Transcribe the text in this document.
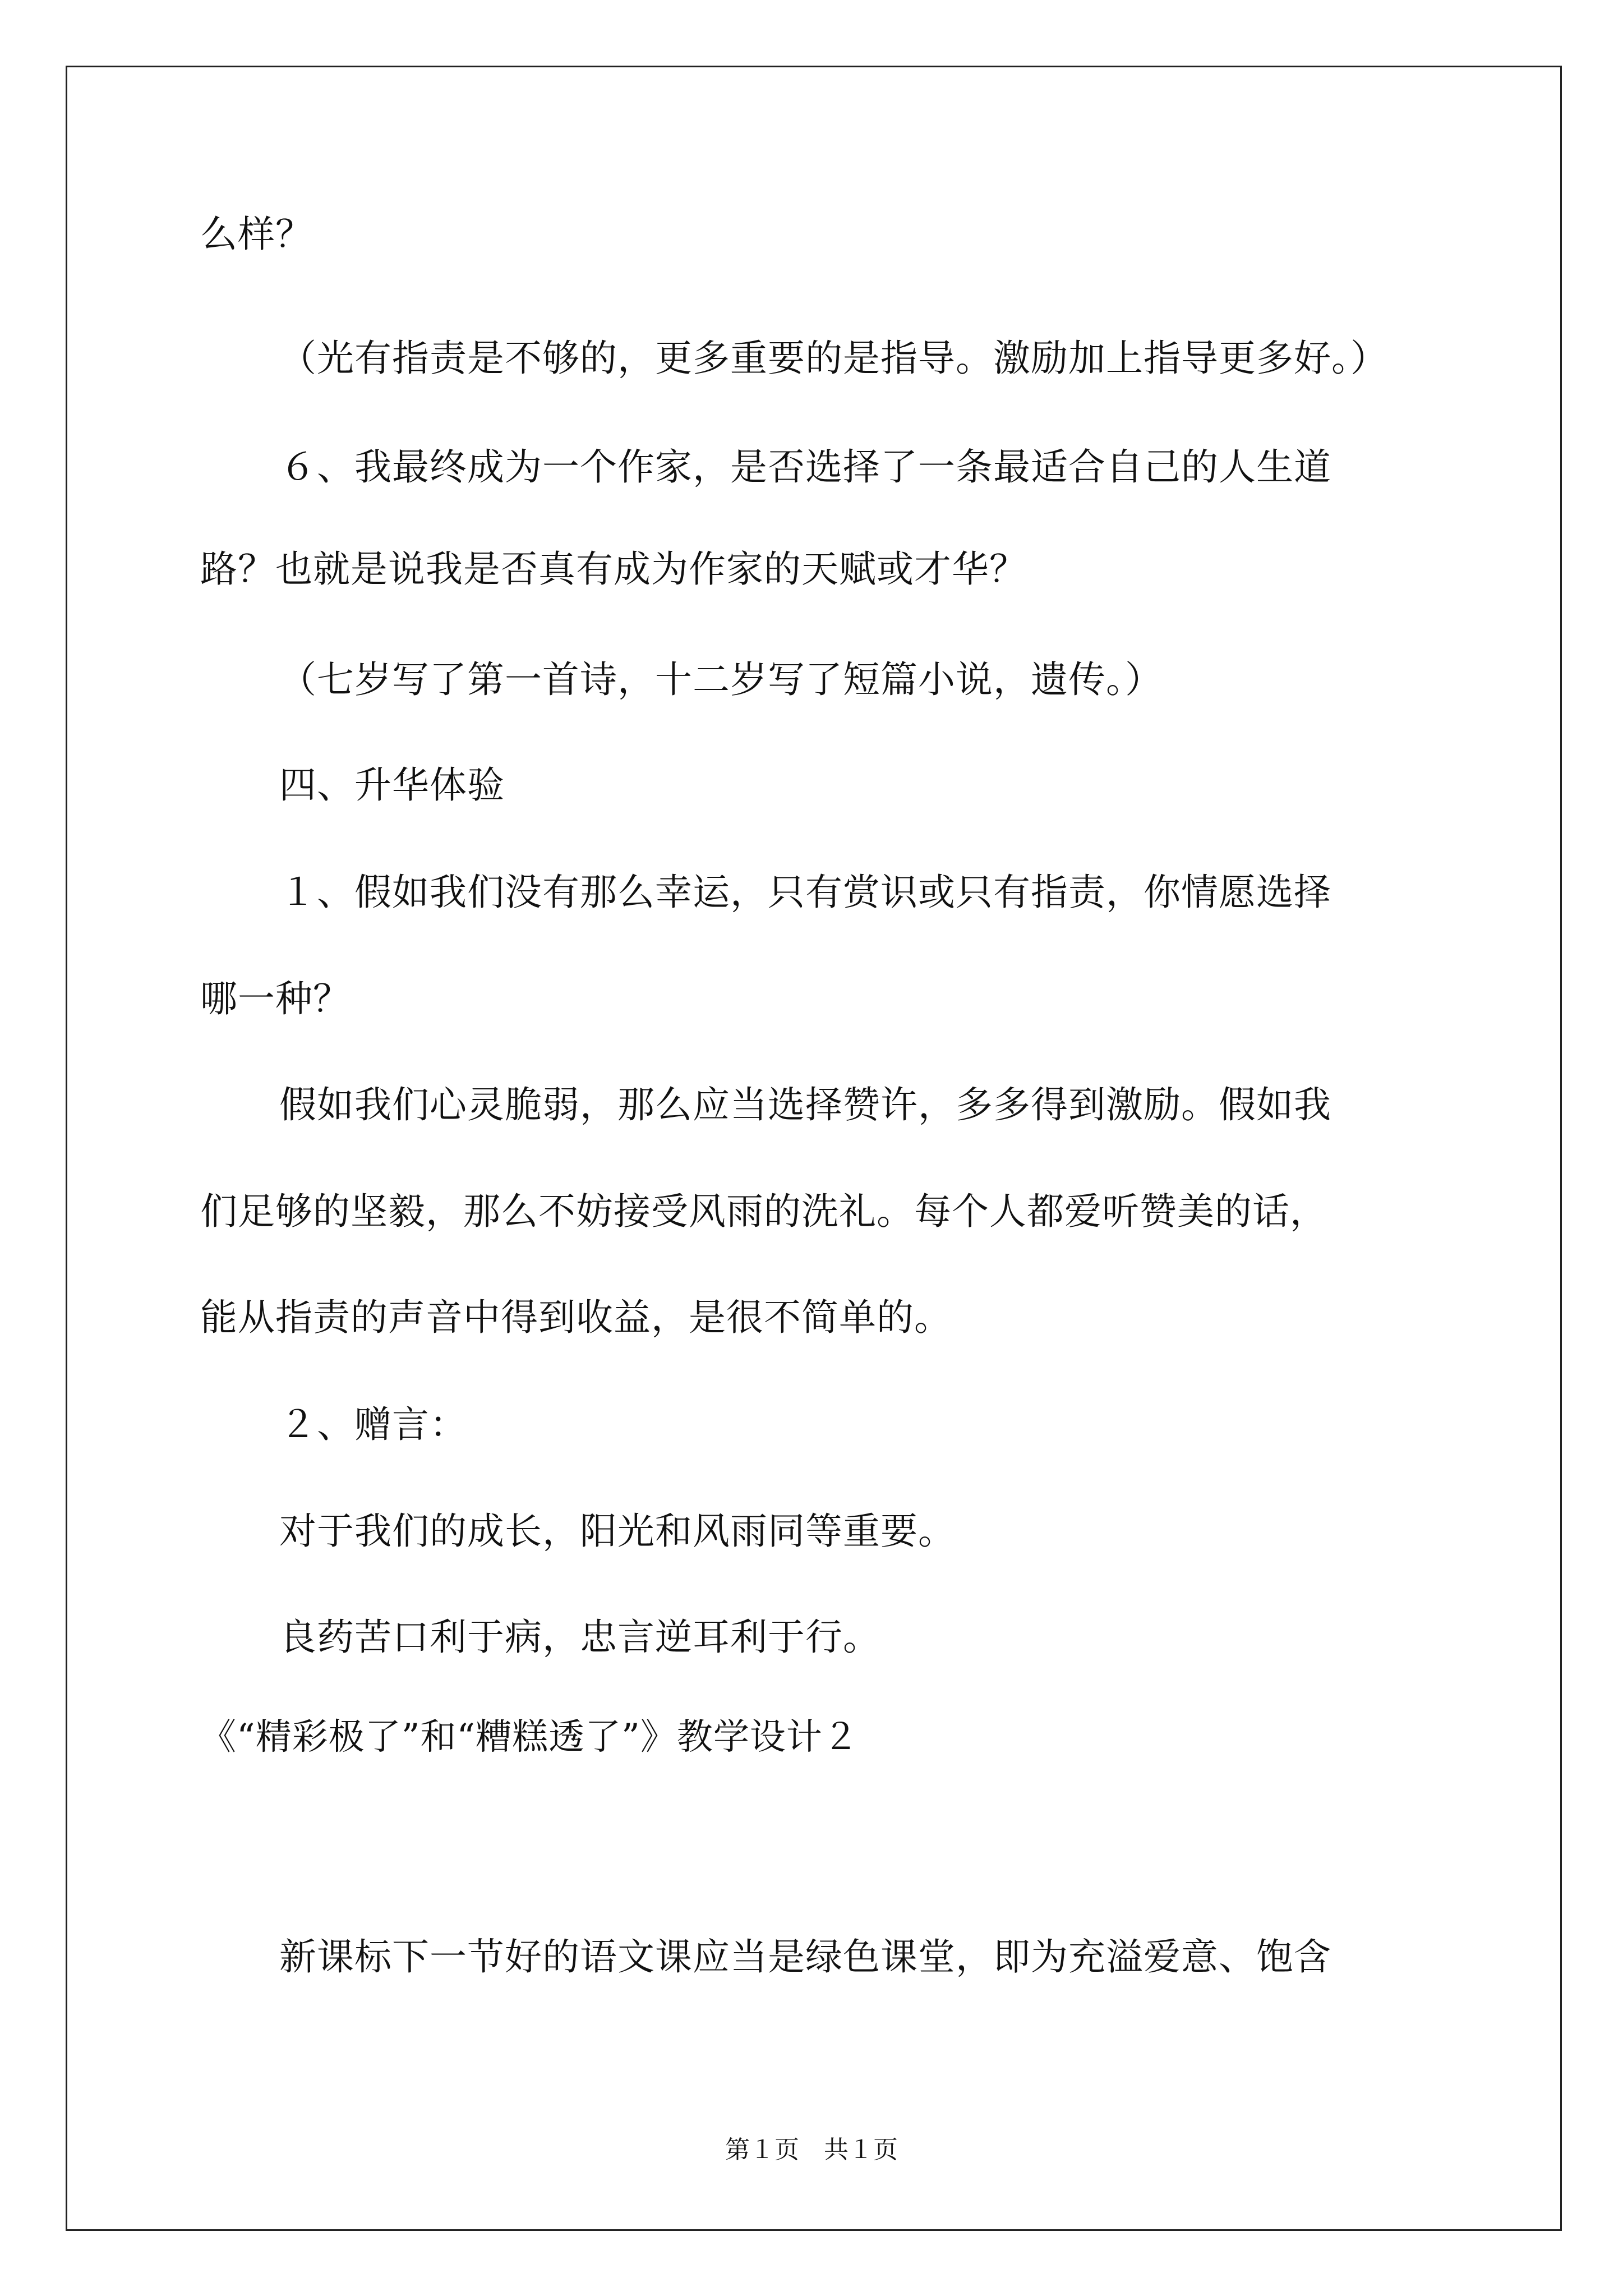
么样？
（光有指责是不够的，更多重要的是指导。激励加上指导更多好。）
６、我最终成为一个作家，是否选择了一条最适合自己的人生道
路？也就是说我是否真有成为作家的天赋或才华？
（七岁写了第一首诗，十二岁写了短篇小说，遗传。）
四、升华体验
１、假如我们没有那么幸运，只有赏识或只有指责，你情愿选择
哪一种？
假如我们心灵脆弱，那么应当选择赞许，多多得到激励。假如我
们足够的坚毅，那么不妨接受风雨的洗礼。每个人都爱听赞美的话，
能从指责的声音中得到收益，是很不简单的。
２、赠言：
对于我们的成长，阳光和风雨同等重要。
良药苦口利于病，忠言逆耳利于行。
《“精彩极了”和“糟糕透了”》教学设计２
新课标下一节好的语文课应当是绿色课堂，即为充溢爱意、饱含
第１页　共１页
